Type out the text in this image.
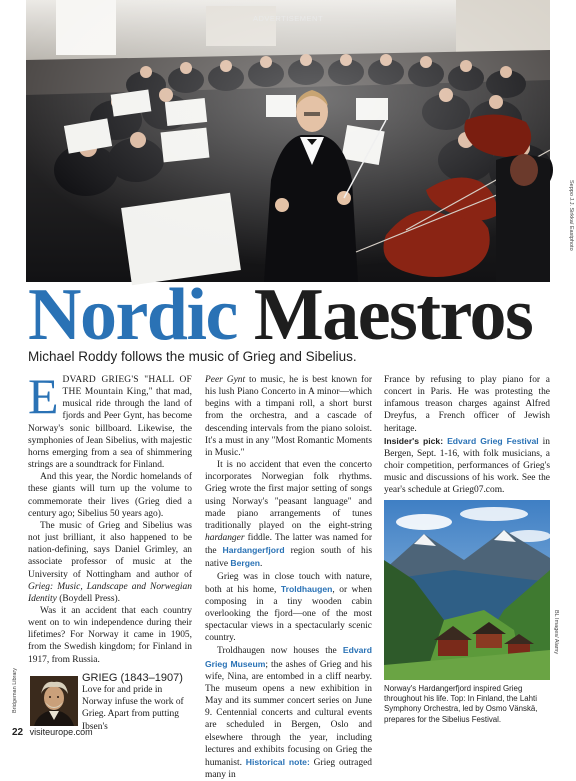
ADVERTISEMENT
Seppo J.J. Sirkka/ Eastphoto
Nordic Maestros
Michael Roddy follows the music of Grieg and Sibelius.

EDVARD GRIEG'S "HALL OF THE Mountain King," that mad, musical ride through the land of fjords and Peer Gynt, has become Norway's sonic billboard. Likewise, the symphonies of Jean Sibelius, with majestic horns emerging from a sea of shimmering strings are a soundtrack for Finland.

And this year, the Nordic homelands of these giants will turn up the volume to commemorate their lives (Grieg died a century ago; Sibelius 50 years ago).

The music of Grieg and Sibelius was not just brilliant, it also happened to be nation-defining, says Daniel Grimley, an associate professor of music at the University of Nottingham and author of Grieg: Music, Landscape and Norwegian Identity (Boydell Press).

Was it an accident that each country went on to win independence during their lifetimes? For Norway it came in 1905, from the Swedish kingdom; for Finland in 1917, from Russia.

Bridgeman Library	GRIEG (1843–1907)
Love for and pride in Norway infuse the work of Grieg. Apart from putting Ibsen's

Peer Gynt to music, he is best known for his lush Piano Concerto in A minor—which begins with a timpani roll, a short burst from the orchestra, and a cascade of descending intervals from the piano soloist. It's a must in any "Most Romantic Moments in Music."

It is no accident that even the concerto incorporates Norwegian folk rhythms. Grieg wrote the first major setting of songs using Norway's "peasant language" and made piano arrangements of tunes traditionally played on the eight-string hardanger fiddle. The latter was named for the Hardangerfjord region south of his native Bergen.

Grieg was in close touch with nature, both at his home, Troldhaugen, or when composing in a tiny wooden cabin overlooking the fjord—one of the most spectacular views in a spectacularly scenic country.

Troldhaugen now houses the Edvard Grieg Museum; the ashes of Grieg and his wife, Nina, are entombed in a cliff nearby. The museum opens a new exhibition in May and its summer concert series on June 9. Centennial concerts and cultural events are scheduled in Bergen, Oslo and elsewhere through the year, including lectures and exhibits focusing on Grieg the humanist. Historical note: Grieg outraged many in

France by refusing to play piano for a concert in Paris. He was protesting the infamous treason charges against Alfred Dreyfus, a French officer of Jewish heritage.

Insider's pick: Edvard Grieg Festival in Bergen, Sept. 1-16, with folk musicians, a choir competition, performances of Grieg's music and discussions of his work. See the year's schedule at Grieg07.com.

BL Images/ Alamy
Norway's Hardangerfjord inspired Grieg throughout his life. Top: In Finland, the Lahti Symphony Orchestra, led by Osmo Vänskä, prepares for the Sibelius Festival.
22 visiteurope.com
